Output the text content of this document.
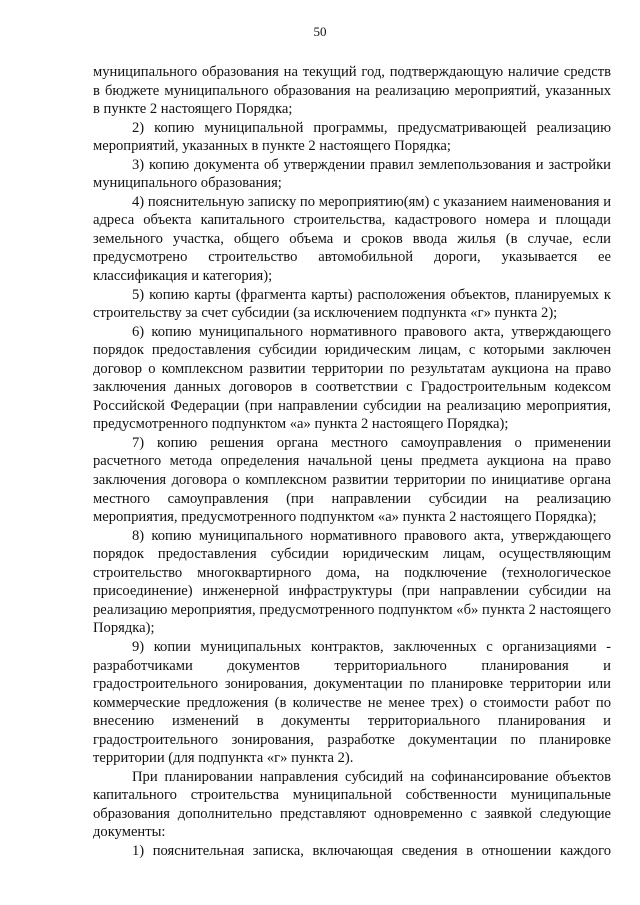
50

муниципального образования на текущий год, подтверждающую наличие средств в бюджете муниципального образования на реализацию мероприятий, указанных в пункте 2 настоящего Порядка;

2) копию муниципальной программы, предусматривающей реализацию мероприятий, указанных в пункте 2 настоящего Порядка;

3) копию документа об утверждении правил землепользования и застройки муниципального образования;

4) пояснительную записку по мероприятию(ям) с указанием наименования и адреса объекта капитального строительства, кадастрового номера и площади земельного участка, общего объема и сроков ввода жилья (в случае, если предусмотрено строительство автомобильной дороги, указывается ее классификация и категория);

5) копию карты (фрагмента карты) расположения объектов, планируемых к строительству за счет субсидии (за исключением подпункта «г» пункта 2);

6) копию муниципального нормативного правового акта, утверждающего порядок предоставления субсидии юридическим лицам, с которыми заключен договор о комплексном развитии территории по результатам аукциона на право заключения данных договоров в соответствии с Градостроительным кодексом Российской Федерации (при направлении субсидии на реализацию мероприятия, предусмотренного подпунктом «а» пункта 2 настоящего Порядка);

7) копию решения органа местного самоуправления о применении расчетного метода определения начальной цены предмета аукциона на право заключения договора о комплексном развитии территории по инициативе органа местного самоуправления (при направлении субсидии на реализацию мероприятия, предусмотренного подпунктом «а» пункта 2 настоящего Порядка);

8) копию муниципального нормативного правового акта, утверждающего порядок предоставления субсидии юридическим лицам, осуществляющим строительство многоквартирного дома, на подключение (технологическое присоединение) инженерной инфраструктуры (при направлении субсидии на реализацию мероприятия, предусмотренного подпунктом «б» пункта 2 настоящего Порядка);

9) копии муниципальных контрактов, заключенных с организациями - разработчиками документов территориального планирования и градостроительного зонирования, документации по планировке территории или коммерческие предложения (в количестве не менее трех) о стоимости работ по внесению изменений в документы территориального планирования и градостроительного зонирования, разработке документации по планировке территории (для подпункта «г» пункта 2).

При планировании направления субсидий на софинансирование объектов капитального строительства муниципальной собственности муниципальные образования дополнительно представляют одновременно с заявкой следующие документы:

1) пояснительная записка, включающая сведения в отношении каждого
